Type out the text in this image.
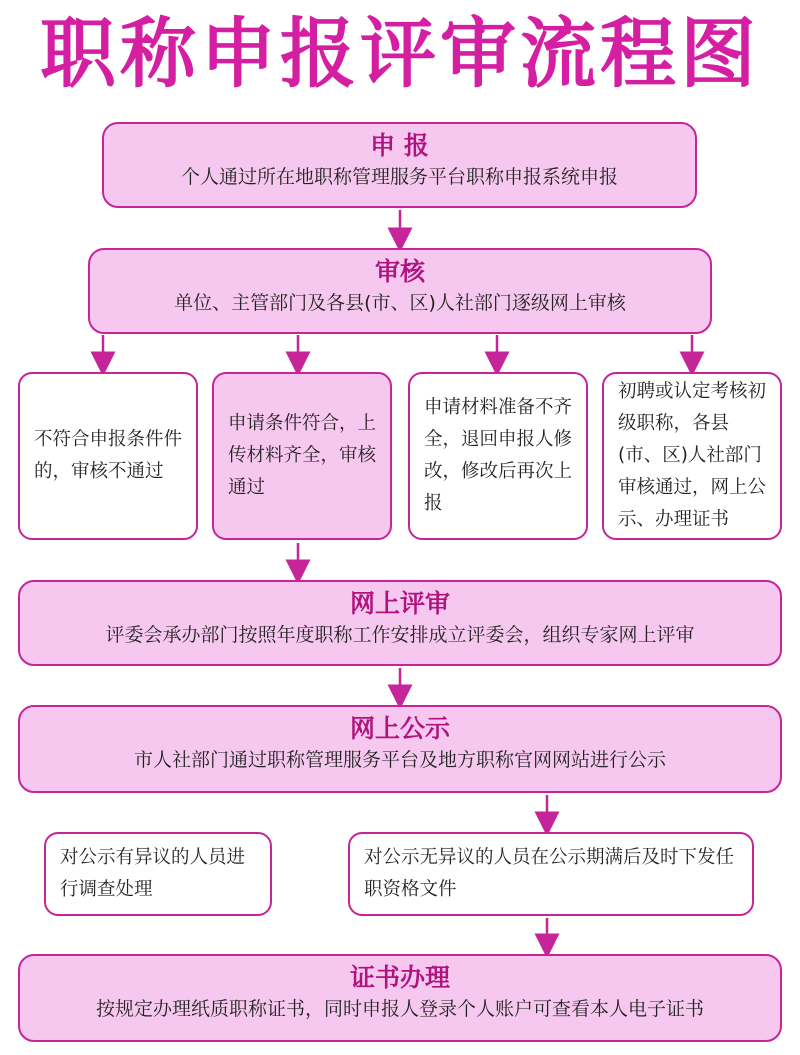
职称申报评审流程图
申 报
个人通过所在地职称管理服务平台职称申报系统申报
审核
单位、主管部门及各县(市、区)人社部门逐级网上审核
不符合申报条件件的，审核不通过
申请条件符合，上传材料齐全，审核通过
申请材料准备不齐全，退回申报人修改，修改后再次上报
初聘或认定考核初级职称，各县(市、区)人社部门审核通过，网上公示、办理证书
网上评审
评委会承办部门按照年度职称工作安排成立评委会，组织专家网上评审
网上公示
市人社部门通过职称管理服务平台及地方职称官网网站进行公示
对公示有异议的人员进行调查处理
对公示无异议的人员在公示期满后及时下发任职资格文件
证书办理
按规定办理纸质职称证书，同时申报人登录个人账户可查看本人电子证书
